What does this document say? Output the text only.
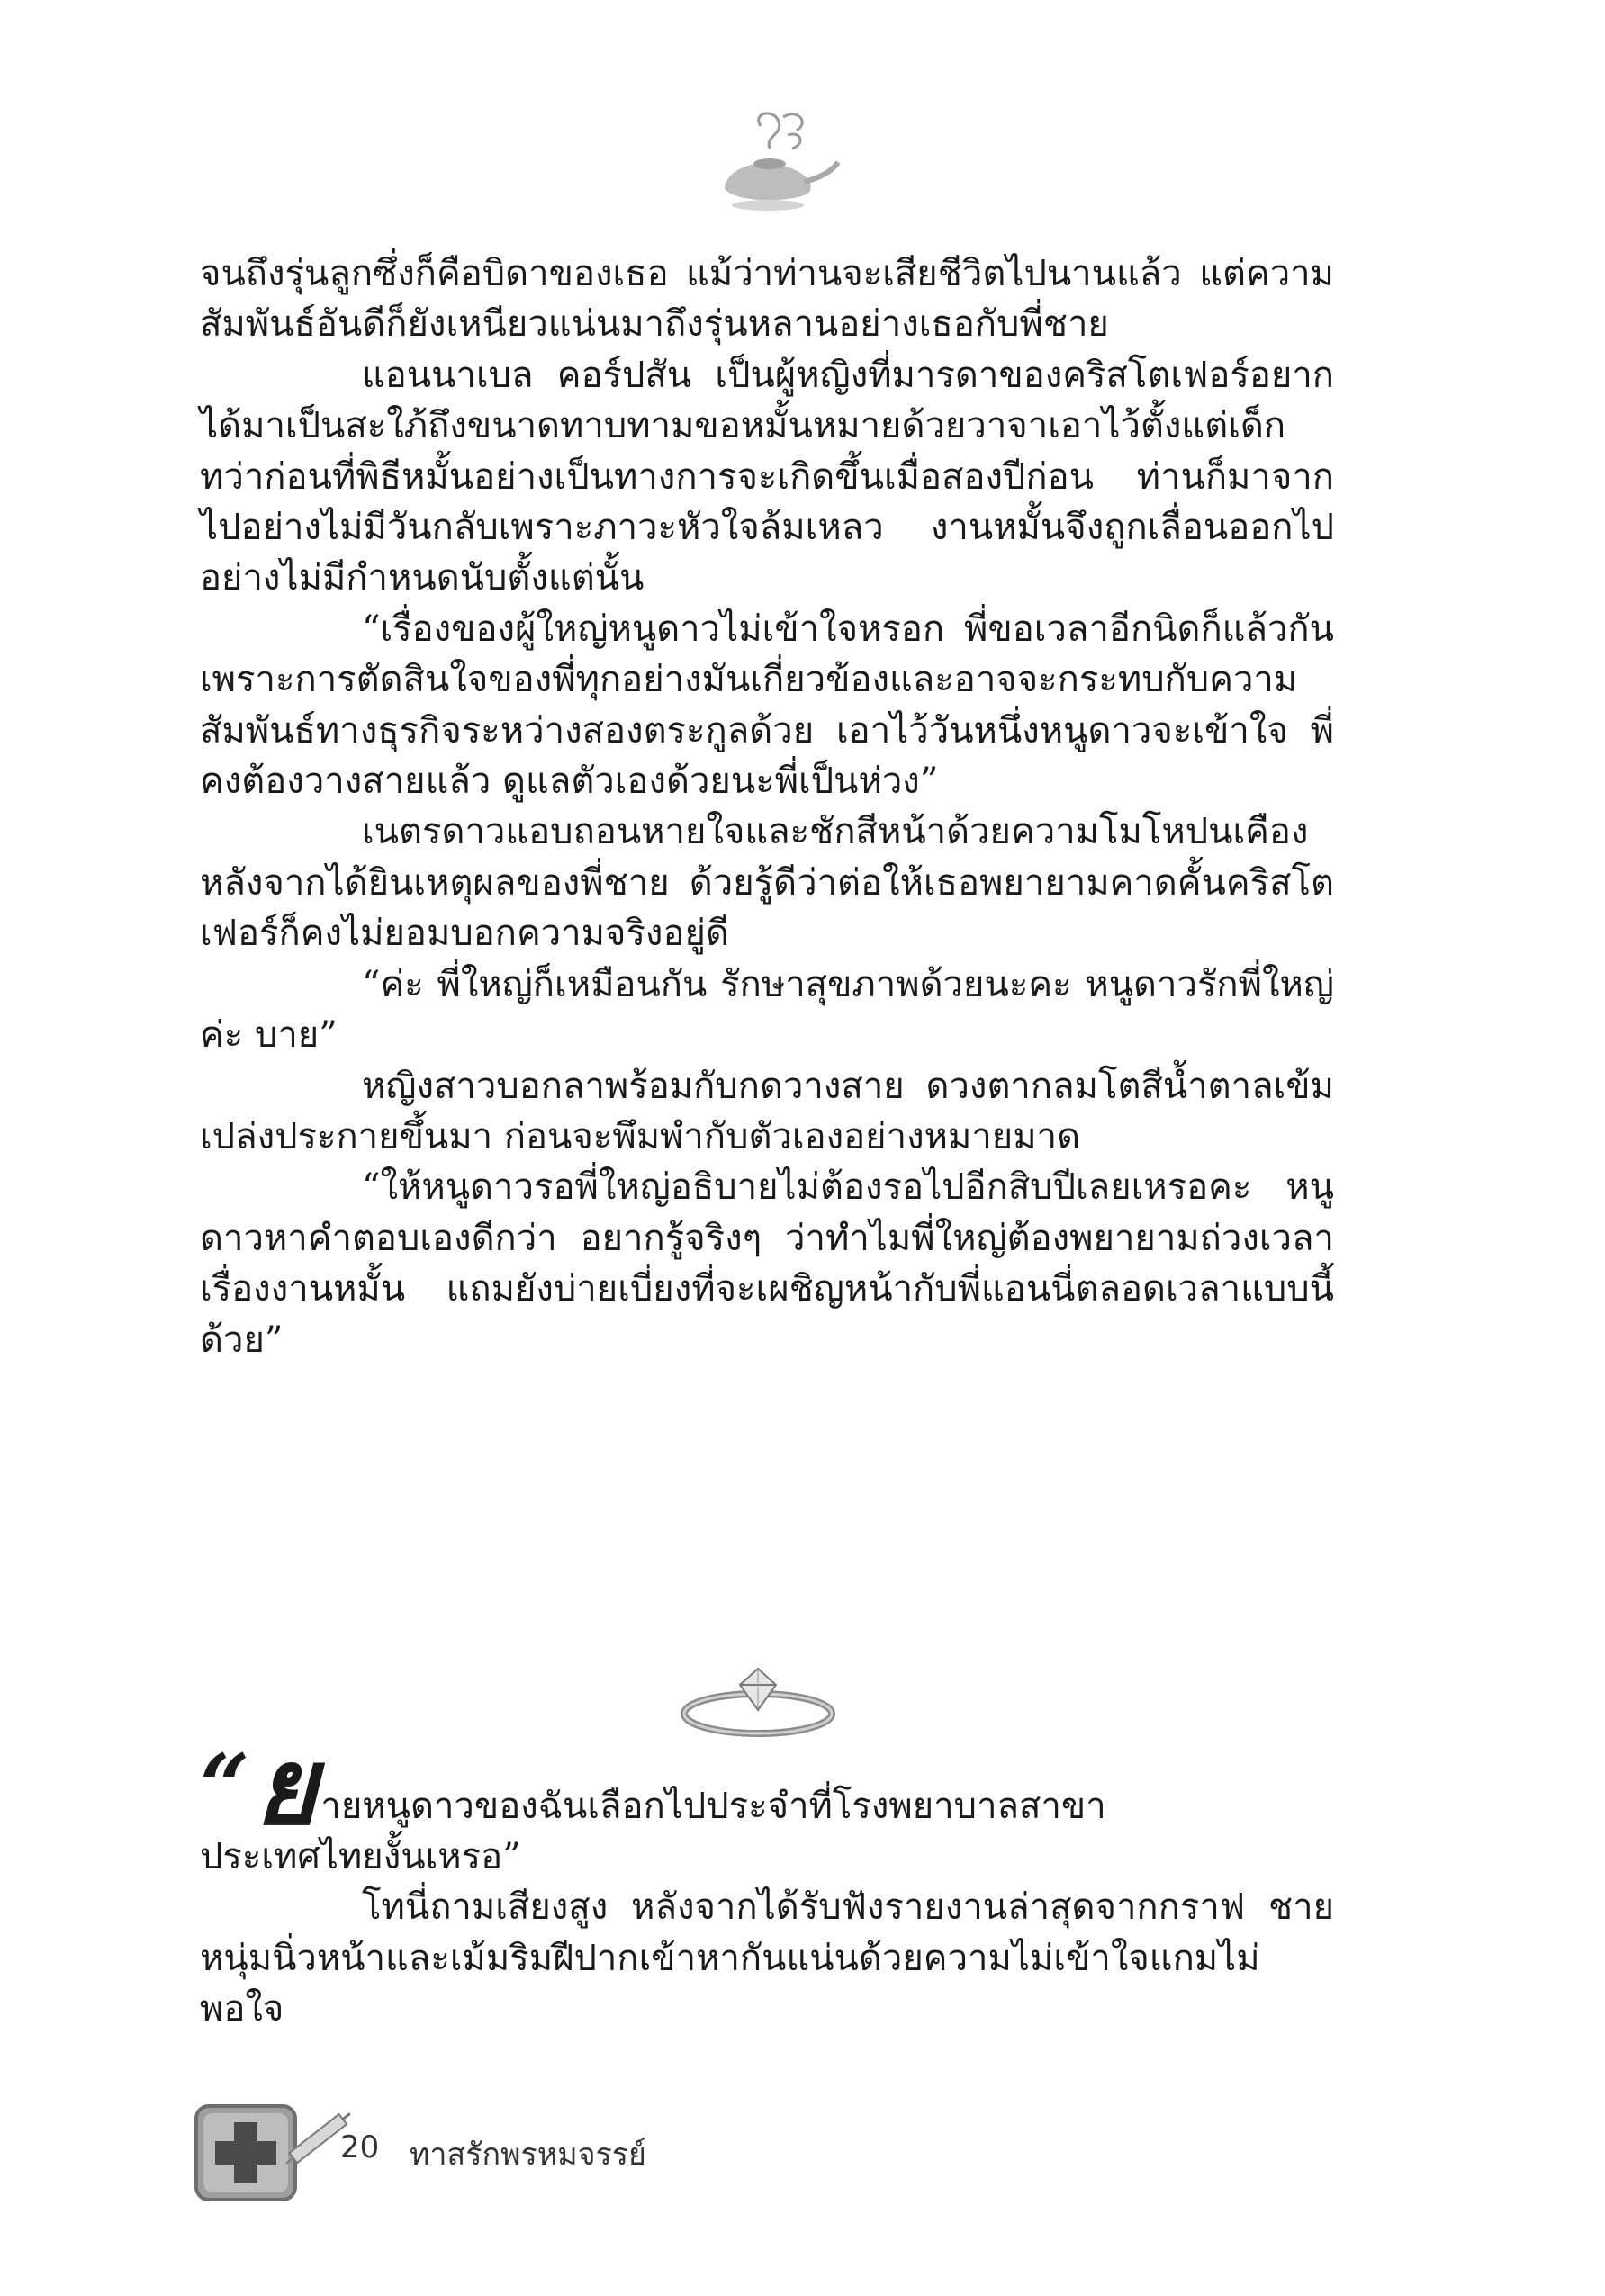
จนถึงรุ่นลูกซึ่งก็คือบิดาของเธอ แม้ว่าท่านจะเสียชีวิตไปนานแล้ว แต่ความสัมพันธ์อันดีก็ยังเหนียวแน่นมาถึงรุ่นหลานอย่างเธอกับพี่ชาย

แอนนาเบล คอร์ปสัน เป็นผู้หญิงที่มารดาของคริสโตเฟอร์อยากได้มาเป็นสะใภ้ถึงขนาดทาบทามขอหมั้นหมายด้วยวาจาเอาไว้ตั้งแต่เด็ก ทว่าก่อนที่พิธีหมั้นอย่างเป็นทางการจะเกิดขึ้นเมื่อสองปีก่อน ท่านก็มาจากไปอย่างไม่มีวันกลับเพราะภาวะหัวใจล้มเหลว งานหมั้นจึงถูกเลื่อนออกไปอย่างไม่มีกำหนดนับตั้งแต่นั้น

“เรื่องของผู้ใหญ่หนูดาวไม่เข้าใจหรอก พี่ขอเวลาอีกนิดก็แล้วกัน เพราะการตัดสินใจของพี่ทุกอย่างมันเกี่ยวข้องและอาจจะกระทบกับความสัมพันธ์ทางธุรกิจระหว่างสองตระกูลด้วย เอาไว้วันหนึ่งหนูดาวจะเข้าใจ พี่คงต้องวางสายแล้ว ดูแลตัวเองด้วยนะพี่เป็นห่วง”

เนตรดาวแอบถอนหายใจและชักสีหน้าด้วยความโมโหปนเคือง หลังจากได้ยินเหตุผลของพี่ชาย ด้วยรู้ดีว่าต่อให้เธอพยายามคาดคั้นคริสโตเฟอร์ก็คงไม่ยอมบอกความจริงอยู่ดี

“ค่ะ พี่ใหญ่ก็เหมือนกัน รักษาสุขภาพด้วยนะคะ หนูดาวรักพี่ใหญ่ค่ะ บาย”

หญิงสาวบอกลาพร้อมกับกดวางสาย ดวงตากลมโตสีน้ำตาลเข้มเปล่งประกายขึ้นมา ก่อนจะพึมพำกับตัวเองอย่างหมายมาด

“ให้หนูดาวรอพี่ใหญ่อธิบายไม่ต้องรอไปอีกสิบปีเลยเหรอคะ หนูดาวหาคำตอบเองดีกว่า อยากรู้จริงๆ ว่าทำไมพี่ใหญ่ต้องพยายามถ่วงเวลาเรื่องงานหมั้น แถมยังบ่ายเบี่ยงที่จะเผชิญหน้ากับพี่แอนนี่ตลอดเวลาแบบนี้ด้วย”

“ย ายหนูดาวของฉันเลือกไปประจำที่โรงพยาบาลสาขา

ประเทศไทยงั้นเหรอ”

โทนี่ถามเสียงสูง หลังจากได้รับฟังรายงานล่าสุดจากกราฟ ชายหนุ่มนิ่วหน้าและเม้มริมฝีปากเข้าหากันแน่นด้วยความไม่เข้าใจแกมไม่พอใจ

20 ทาสรักพรหมจรรย์
